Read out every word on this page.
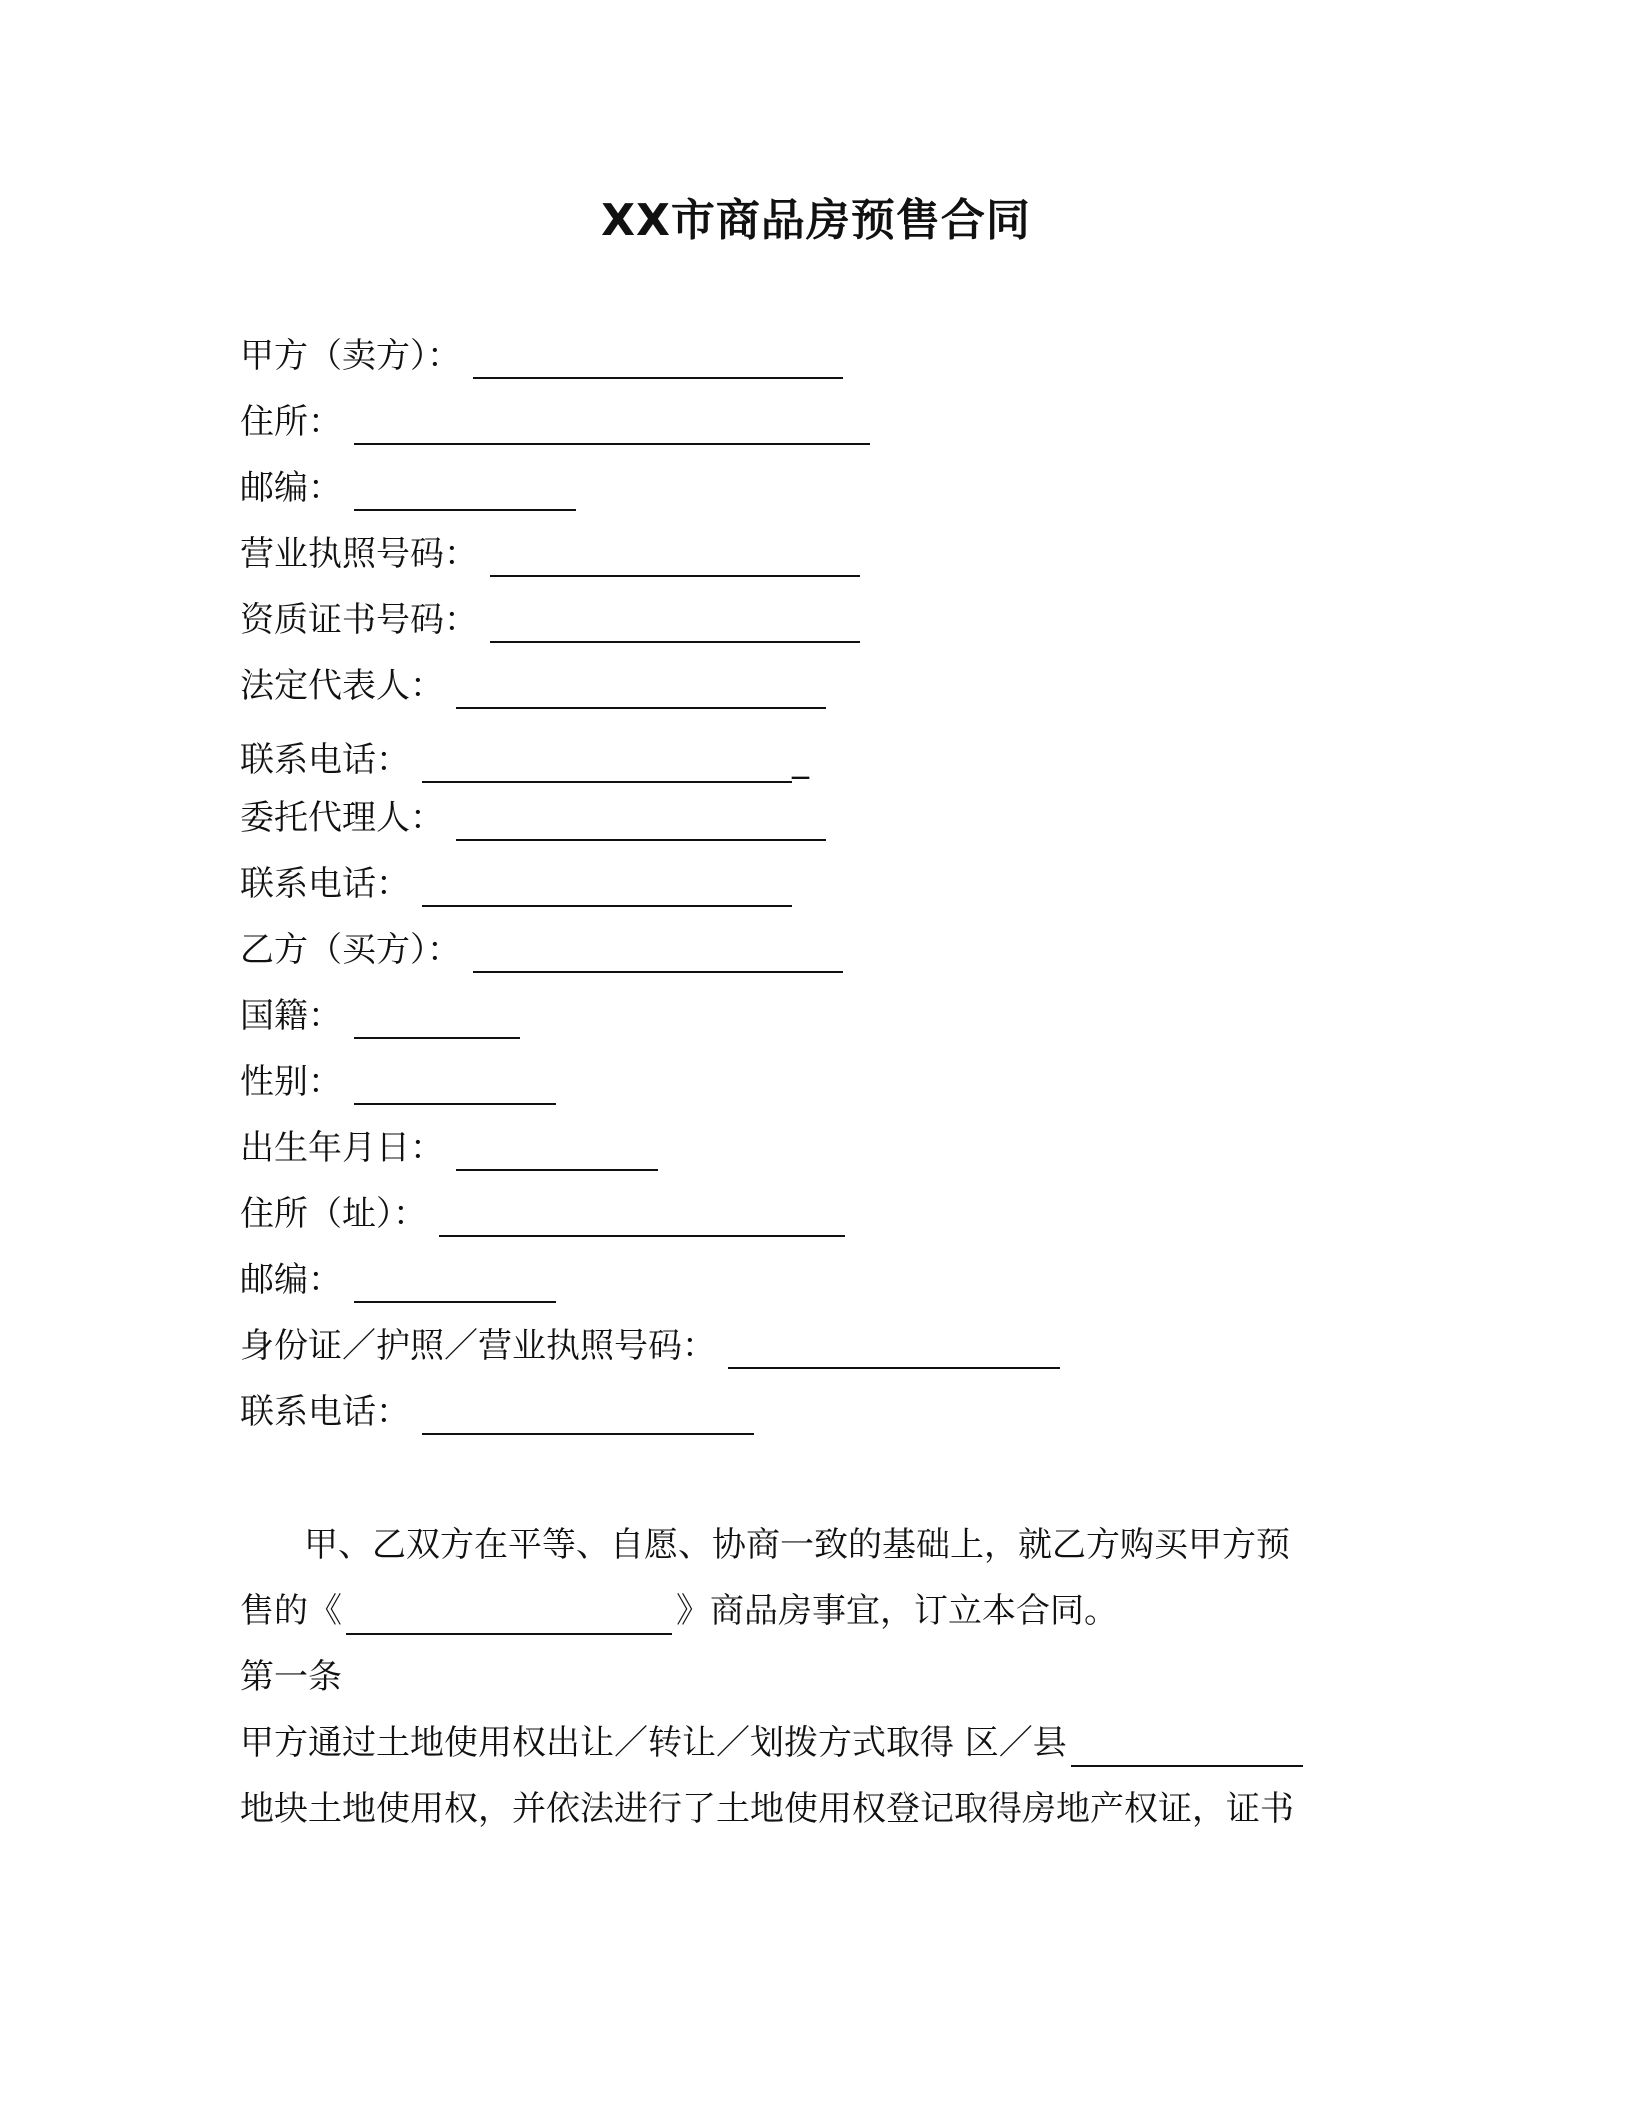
XX市商品房预售合同
甲方（卖方）：
住所：
邮编：
营业执照号码：
资质证书号码：
法定代表人：
联系电话：	_
委托代理人：
联系电话：
乙方（买方）：
国籍：
性别：
出生年月日：
住所（址）：
邮编：
身份证／护照／营业执照号码：
联系电话：
甲、乙双方在平等、自愿、协商一致的基础上，就乙方购买甲方预
售的《	》商品房事宜，订立本合同。
第一条
甲方通过土地使用权出让／转让／划拨方式取得 区／县
地块土地使用权，并依法进行了土地使用权登记取得房地产权证，证书
